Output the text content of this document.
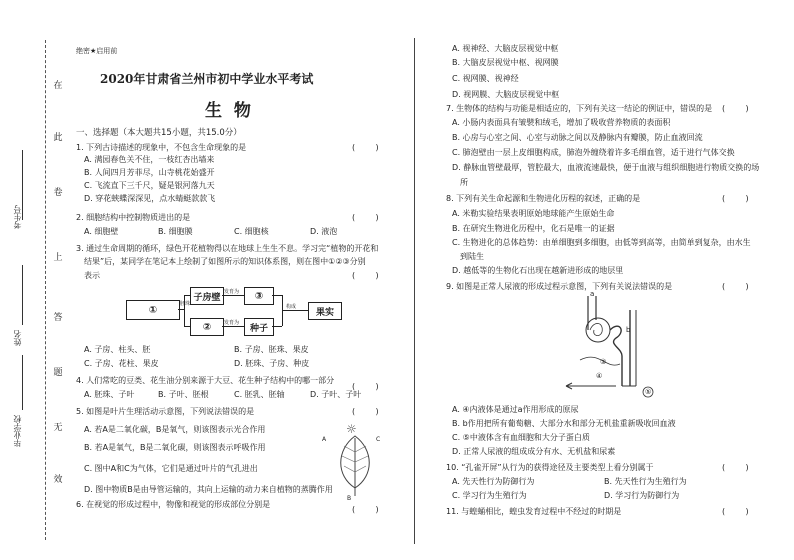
在
此
卷
上
答
题
无
效
考生号
姓名
毕业学校
绝密★启用前
2020年甘肃省兰州市初中学业水平考试
生  物
一、选择题（本大题共15小题，共15.0分）
1. 下列古诗描述的现象中，不包含生命现象的是	(        )
A. 满园春色关不住，一枝红杏出墙来
B. 人间四月芳菲尽，山寺桃花始盛开
C. 飞流直下三千尺，疑是银河落九天
D. 穿花蛱蝶深深见，点水蜻蜓款款飞
2. 细胞结构中控制物质进出的是	(        )
A. 细胞壁	B. 细胞膜	C. 细胞核	D. 液泡
3. 通过生命周期的循环，绿色开花植物得以在地球上生生不息。学习完“植物的开花和
结果”后，某同学在笔记本上绘制了如图所示的知识体系图，则在图中①②③分别
表示	(        )
①
子房壁	③
②	种子
果实
发育为
发育为
构成
胚珠
A. 子房、柱头、胚	B. 子房、胚珠、果皮
C. 子房、花柱、果皮	D. 胚珠、子房、种皮
4. 人们常吃的豆类、花生油分别来源于大豆、花生种子结构中的哪一部分
(        )
A. 胚珠、子叶	B. 子叶、胚根	C. 胚乳、胚轴	D. 子叶、子叶
5. 如图是叶片生理活动示意图，下列说法错误的是	(        )
A. 若A是二氧化碳，B是氧气，则该图表示光合作用
B. 若A是氧气，B是二氧化碳，则该图表示呼吸作用
C. 图中A和C为气体，它们是通过叶片的气孔进出
D. 图中物质B是由导管运输的，其向上运输的动力来自植物的蒸腾作用
☼
A
B
C
6. 在视觉的形成过程中，物像和视觉的形成部位分别是
(        )
A. 视神经、大脑皮层视觉中枢
B. 大脑皮层视觉中枢、视网膜
C. 视网膜、视神经
D. 视网膜、大脑皮层视觉中枢
7. 生物体的结构与功能是相适应的，下列有关这一结论的例证中，错误的是 (        )
A. 小肠内表面具有皱襞和绒毛，增加了吸收营养物质的表面积
B. 心房与心室之间、心室与动脉之间以及静脉内有瓣膜，防止血液回流
C. 肺泡壁由一层上皮细胞构成，肺泡外缠绕着许多毛细血管，适于进行气体交换
D. 静脉血管壁最厚，管腔最大，血液流速最快，便于血液与组织细胞进行物质交换的场
所
8. 下列有关生命起源和生物进化历程的叙述，正确的是	(        )
A. 米勒实验结果表明原始地球能产生原始生命
B. 在研究生物进化历程中，化石是唯一的证据
C. 生物进化的总体趋势：由单细胞到多细胞，由低等到高等，由简单到复杂，由水生
到陆生
D. 越低等的生物化石出现在越新进形成的地层里
9. 如图是正常人尿液的形成过程示意图，下列有关说法错误的是	(        )
a
b
③
④
⑤
A. ④内液体是通过a作用形成的原尿
B. b作用把所有葡萄糖、大部分水和部分无机盐重新吸收回血液
C. ⑤中液体含有血细胞和大分子蛋白质
D. 正常人尿液的组成成分有水、无机盐和尿素
10. “孔雀开屏”从行为的获得途径及主要类型上看分别属于	(        )
A. 先天性行为防御行为	B. 先天性行为生殖行为
C. 学习行为生殖行为	D. 学习行为防御行为
11. 与蝗蛹相比，蝗虫发育过程中不经过的时期是	(        )
